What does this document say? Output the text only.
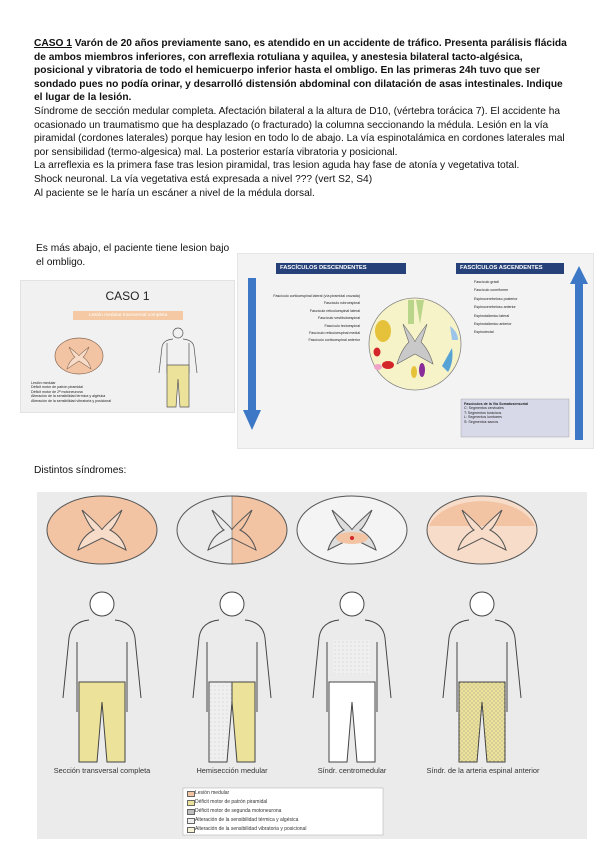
CASO 1 Varón de 20 años previamente sano, es atendido en un accidente de tráfico. Presenta parálisis flácida de ambos miembros inferiores, con arreflexia rotuliana y aquilea, y anestesia bilateral tacto-algésica, posicional y vibratoria de todo el hemicuerpo inferior hasta el ombligo. En las primeras 24h tuvo que ser sondado pues no podía orinar, y desarrolló distensión abdominal con dilatación de asas intestinales. Indique el lugar de la lesión.
Síndrome de sección medular completa. Afectación bilateral a la altura de D10, (vértebra torácica 7). El accidente ha ocasionado un traumatismo que ha desplazado (o fracturado) la columna seccionando la médula. Lesión en la vía piramidal (cordones laterales) porque hay lesion en todo lo de abajo. La vía espinotalámica en cordones laterales mal por sensibilidad (termo-algesica) mal. La posterior estaría vibratoria y posicional.
La arreflexia es la primera fase tras lesion piramidal, tras lesion aguda hay fase de atonía y vegetativa total.
Shock neuronal. La vía vegetativa está expresada a nivel ??? (vert S2, S4)
Al paciente se le haría un escáner a nivel de la médula dorsal.
Es más abajo, el paciente tiene lesion bajo el ombligo.
CASO 1
Lesión medular transversal completa
Lesión medular
Déficit motor de patrón piramidal
Déficit motor de 2ª motoneurona
Alteración de la sensibilidad térmica y algésica
Alteración de la sensibilidad vibratoria y posicional
FASCÍCULOS DESCENDENTES	FASCÍCULOS ASCENDENTES
Fascículo corticoespinal lateral (vía piramidal cruzada)
Fascículo rubroespinal
Fascículo reticuloespinal lateral
Fascículo vestibuloespinal
Fascículo tectoespinal
Fascículo reticuloespinal medial
Fascículo corticoespinal anterior
Fascículo grácil
Fascículo cuneiforme
Espinocerebeloso posterior
Espinocerebeloso anterior
Espinotalámico lateral
Espinotalámico anterior
Espinotectal
Fascículos de la Vía Somatosensorial
C: Segmentos cervicales
T: Segmentos torácicos
L: Segmentos lumbares
S: Segmentos sacros
Distintos síndromes:
Sección transversal completa	Hemisección medular	Síndr. centromedular	Síndr. de la arteria espinal anterior
Lesión medular
Déficit motor de patrón piramidal
Déficit motor de segunda motoneurona
Alteración de la sensibilidad térmica y algésica
Alteración de la sensibilidad vibratoria y posicional
